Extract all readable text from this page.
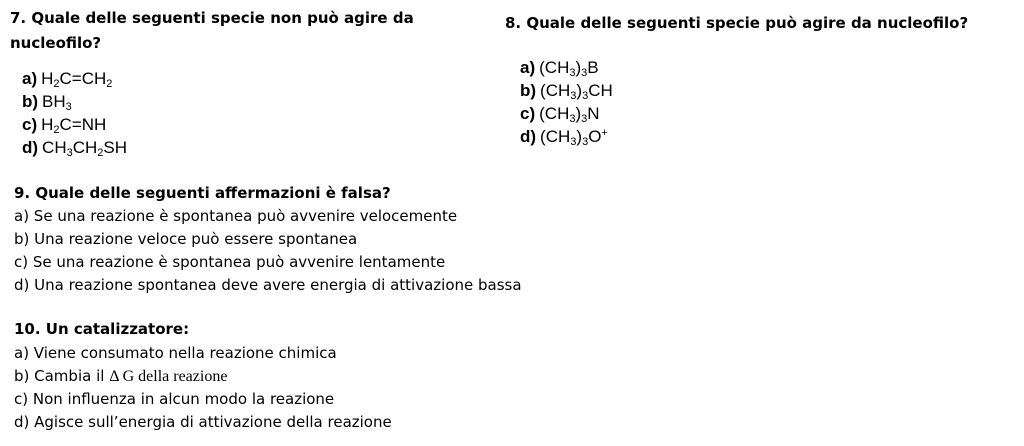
7. Quale delle seguenti specie non può agire da
nucleofilo?
a) $H_2C=CH_2$
b) $BH_3$
c) $H_2C=NH$
d) $CH_3CH_2SH$
8. Quale delle seguenti specie può agire da nucleofilo?
a) $(CH_3)_3B$
b) $(CH_3)_3CH$
c) $(CH_3)_3N$
d) $(CH_3)_3O^+$
9. Quale delle seguenti affermazioni è falsa?
a) Se una reazione è spontanea può avvenire velocemente
b) Una reazione veloce può essere spontanea
c) Se una reazione è spontanea può avvenire lentamente
d) Una reazione spontanea deve avere energia di attivazione bassa
10. Un catalizzatore:
a) Viene consumato nella reazione chimica
b) Cambia il Δ G della reazione
c) Non influenza in alcun modo la reazione
d) Agisce sull’energia di attivazione della reazione
